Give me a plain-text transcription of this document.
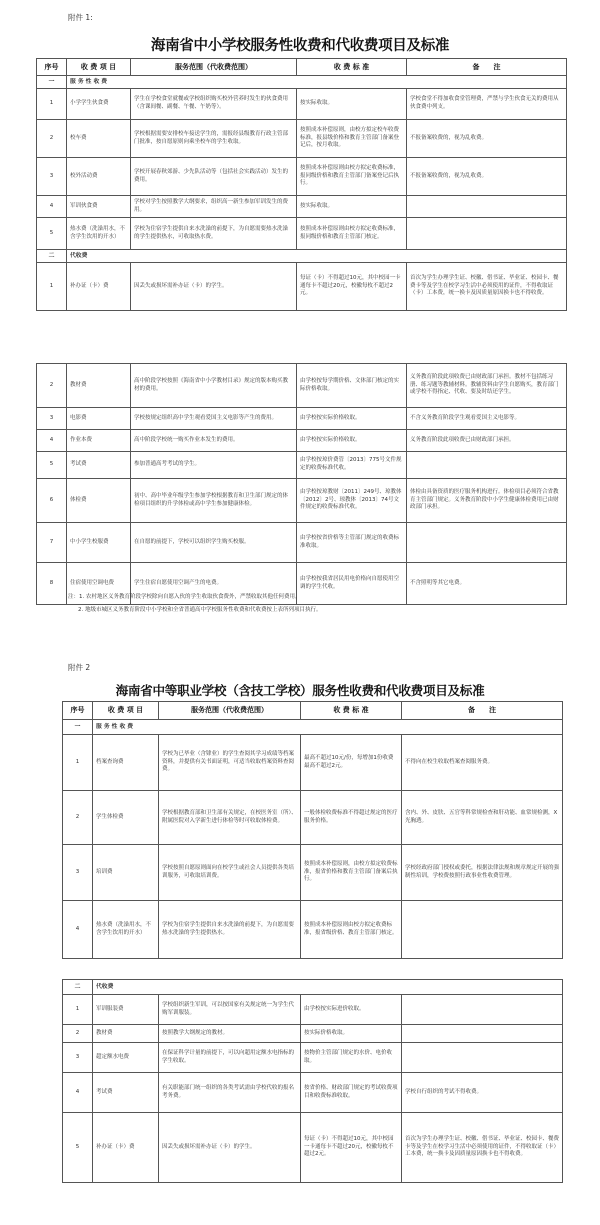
附件 1:
海南省中小学校服务性收费和代收费项目及标准
序号	收 费 项 目	服务范围（代收费范围）	收 费 标 准	备　　注
一	服 务 性 收 费			
1	小学学生伙食费	学生在学校食堂就餐或学校组织购买校外营养时发生的伙食费用（含课间餐、副餐、午餐、午奶等）。	按实际收取。	学校食堂不得加收食堂管理费，严禁与学生伙食无关的费用从伙食费中列支。
2	校车费	学校根据需要安排校车接送学生的，需报经县级教育行政主管部门批准，按自愿原则向乘坐校车的学生收取。	按照成本补偿原则，由校方拟定校车收费标准，报县级价格和教育主管部门备案登记后，按月收取。	不报备案收费的，视为乱收费。
3	校外活动费	学校开展春秋郊游、少先队活动等（包括社会实践活动）发生的费用。	按照成本补偿原则由校方拟定收费标准，报同级价格和教育主管部门备案登记后执行。	不报备案收费的，视为乱收费。
4	军训伙食费	学校对学生按照教学大纲要求，组织高一新生参加军训发生的费用。	按实际收取。	
5	热水费（洗澡用水，不含学生饮用的开水）	学校为住宿学生提供自来水洗澡的前提下，为自愿需要热水洗澡的学生提供热水，可收取热水费。	按照成本补偿原则由校方拟定收费标准，报同级价格和教育主管部门核定。	
二	代收费			
1	补办证（卡）费	因丢失或损坏需补办证（卡）的学生。	每证（卡）不得超过10元，其中校园一卡通每卡不超过20元，校徽每枚不超过2元。	首次为学生办理学生证、校徽、借书证、毕业证、校园卡、餐费卡等及学生在校学习生活中必须使用的证件，不得收取证（卡）工本费，统一换卡及因质量原因换卡也不得收费。
2	教材费	高中阶段学校按照《海南省中小学教材目录》规定的版本购买教材的费用。	由学校按每学期价格、文体部门核定的实际价格收取。	义务教育阶段此项收费已由财政部门承担。教材不包括练习册、练习题等教辅材料。教辅资料由学生自愿购买，教育部门或学校不得指定、代收、要及时结还学生。
3	电影费	学校按规定组织高中学生观看爱国主义电影等产生的费用。	由学校按实际价格收取。	不含义务教育阶段学生观看爱国主义电影等。
4	作业本费	高中阶段学校统一购买作业本发生的费用。	由学校按实际价格收取。	义务教育阶段此项收费已由财政部门承担。
5	考试费	参加普通高考考试的学生。	由学校按琼价费管〔2013〕775号文件规定的收费标准代收。	
6	体检费	初中、高中毕业年级学生参加学校根据教育和卫生部门规定的体检项目组织的升学体检或高中学生参加健康体检。	由学校按琼教财〔2011〕249号、琼教体〔2012〕2号、琼教体〔2013〕74号文件规定的收费标准代收。	体检由具备资质的医疗服务机构进行。体检项目必须符合省教育主管部门规定。义务教育阶段中小学生健康体检费用已由财政部门承担。
7	中小学生校服费	在自愿的前提下，学校可以组织学生购买校服。	由学校按省价格等主管部门规定的收费标准收取。	
8	住宿使用空调电费	学生住宿自愿使用空调产生的电费。	由学校按我省居民用电价格向自愿使用空调的学生代收。	不含照明等其它电费。
注：1. 农村地区义务教育阶段学校除向自愿入伙的学生收取伙食费外，严禁收取其他任何费用。
2. 地级市城区义务教育阶段中小学校和全省普通高中学校服务性收费和代收费按上表所列项目执行。
附件 2
海南省中等职业学校（含技工学校）服务性收费和代收费项目及标准
序号	收 费 项 目	服务范围（代收费范围）	收 费 标 准	备　　注
一	服 务 性 收 费			
1	档案查询费	学校为已毕业（含肄业）的学生查阅其学习成绩等档案资料，并提供有关书面证明，可适当收取档案资料查阅费。	最高不超过10元/份，每增加1份收费最高不超过2元。	不得向在校生收取档案查阅服务费。
2	学生体检费	学校根据教育部和卫生部有关规定，在校医务室（所）、附属医院对入学新生进行体检等时可收取体检费。	一般体检收费标准不得超过规定的医疗服务价格。	含内、外、皮肤、五官等科常规检查和肝功能、血常规检测，X光胸透。
3	培训费	学校按照自愿原则面向在校学生或社会人员提供各类培训服务，可收取培训费。	按照成本补偿原则，由校方拟定收费标准，报省价格和教育主管部门备案后执行。	学校经政府部门授权或委托，根据法律法规和规章规定开展的强制性培训，学校费按照行政事业性收费管理。
4	热水费（洗澡用水，不含学生饮用的开水）	学校为住宿学生提供自来水洗澡的前提下，为自愿需要热水洗澡的学生提供热水。	按照成本补偿原则由校方拟定收费标准，报省级价格、教育主管部门核定。	
二	代收费			
1	军训服装费	学校组织新生军训，可以按国家有关规定统一为学生代购军训服装。	由学校按实际进价收取。	
2	教材费	按照教学大纲规定的教材。	按实际价格收取。	
3	超定额水电费	在保证科学计量的前提下，可以向超用定额水电指标的学生收取。	按物价主管部门规定的水价、电价收取。	
4	考试费	有关职能部门统一组织的各类考试需由学校代收的报名考务费。	按省价格、财政部门规定的考试收费项目和收费标准收取。	学校自行组织的考试不得收费。
5	补办证（卡）费	因丢失或损坏需补办证（卡）的学生。	每证（卡）不得超过10元，其中校园一卡通每卡不超过20元，校徽每枚不超过2元。	首次为学生办理学生证、校徽、借书证、毕业证、校园卡、餐费卡等及学生在校学习生活中必须使用的证件，不得收取证（卡）工本费，统一换卡及因质量原因换卡也不得收费。
